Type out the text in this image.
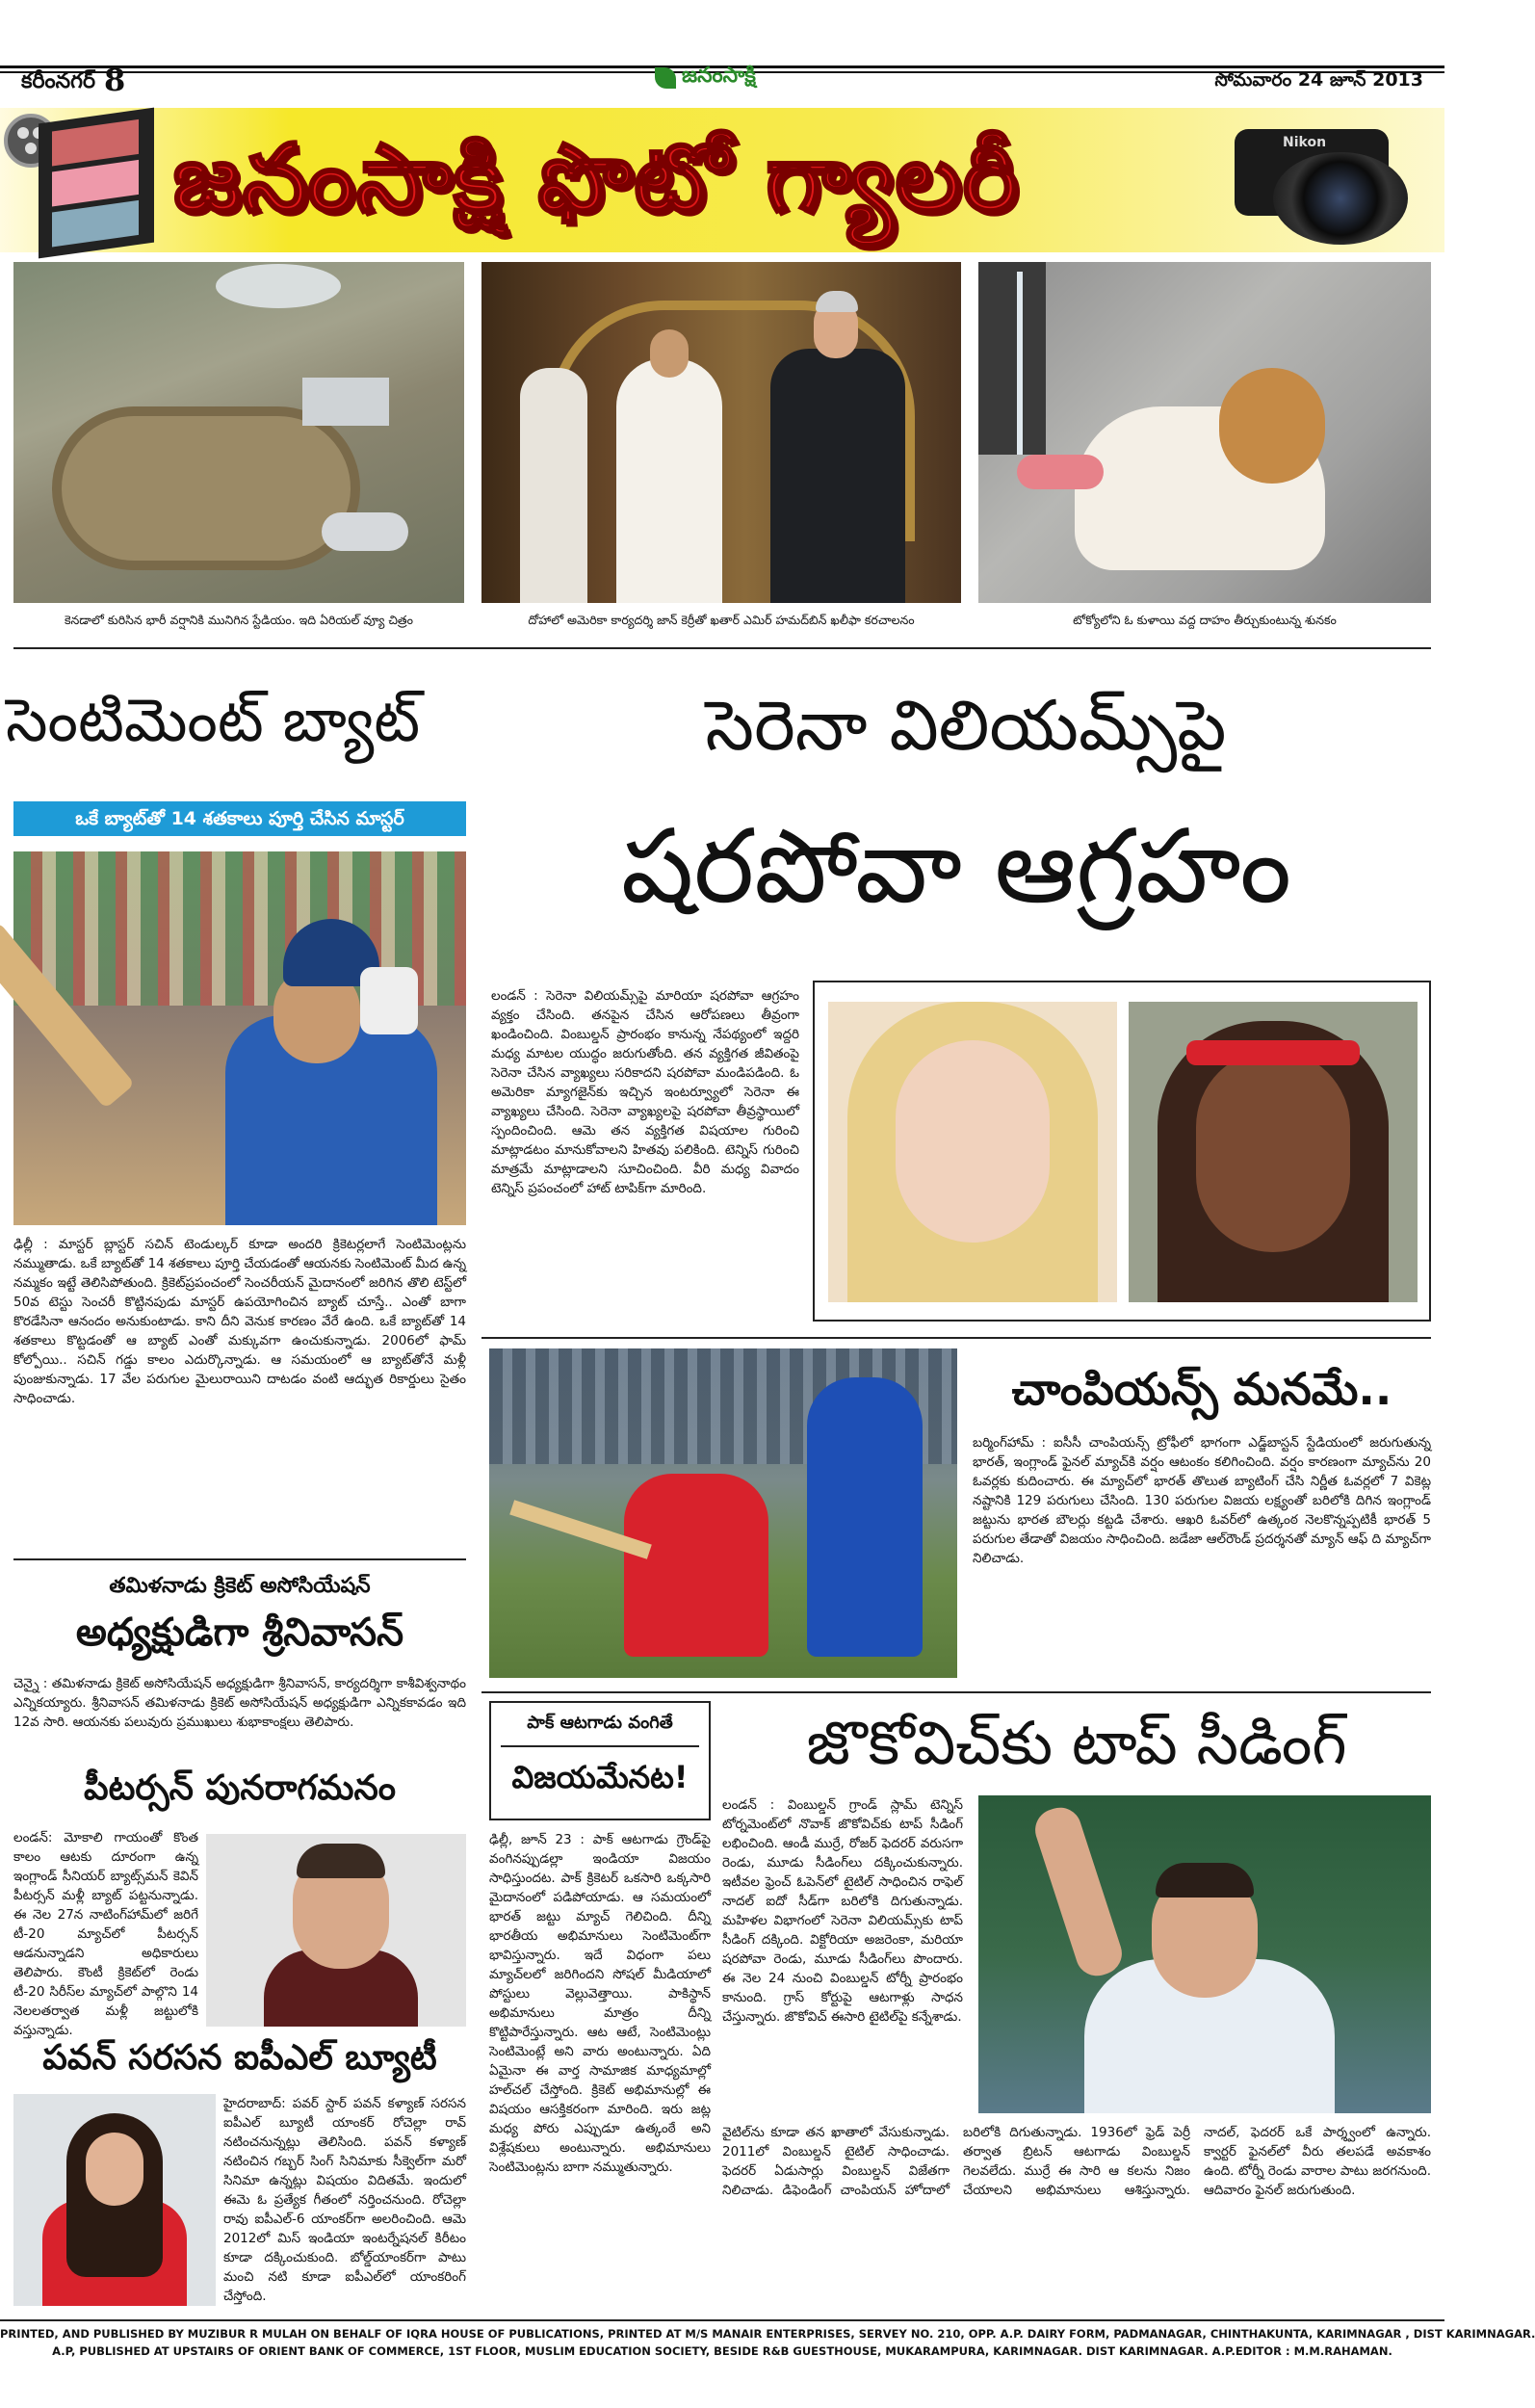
కరీంనగర్ 8	జనంసాక్షి	సోమవారం 24 జూన్ 2013
జనంసాక్షి ఫొటో గ్యాలరీ	Nikon
కెనడాలో కురిసిన భారీ వర్షానికి మునిగిన స్టేడియం. ఇది ఏరియల్ వ్యూ చిత్రం	దోహాలో అమెరికా కార్యదర్శి జాన్ కెర్రీతో ఖతార్ ఎమిర్ హమద్‌బిన్ ఖలీఫా కరచాలనం	టోక్యోలోని ఓ కుళాయి వద్ద దాహం తీర్చుకుంటున్న శునకం
సెంటిమెంట్ బ్యాట్
ఒకే బ్యాట్‌తో 14 శతకాలు పూర్తి చేసిన మాస్టర్
ఢిల్లీ : మాస్టర్ బ్లాస్టర్ సచిన్ టెండుల్కర్ కూడా అందరి క్రికెటర్లలాగే సెంటిమెంట్లను నమ్ముతాడు. ఒకే బ్యాట్‌తో 14 శతకాలు పూర్తి చేయడంతో ఆయనకు సెంటిమెంట్ మీద ఉన్న నమ్మకం ఇట్టే తెలిసిపోతుంది. క్రికెట్‌ప్రపంచంలో సెంచరీయన్ మైదానంలో జరిగిన తొలి టెస్ట్‌లో 50వ టెస్టు సెంచరీ కొట్టినపుడు మాస్టర్ ఉపయోగించిన బ్యాట్ చూస్తే.. ఎంతో బాగా కొరడేసినా ఆనందం అనుకుంటాడు. కాని దీని వెనుక కారణం వేరే ఉంది. ఒకే బ్యాట్‌తో 14 శతకాలు కొట్టడంతో ఆ బ్యాట్ ఎంతో మక్కువగా ఉంచుకున్నాడు. 2006లో ఫామ్ కోల్పోయి.. సచిన్ గడ్డు కాలం ఎదుర్కొన్నాడు. ఆ సమయంలో ఆ బ్యాట్‌తోనే మళ్లీ పుంజుకున్నాడు. 17 వేల పరుగుల మైలురాయిని దాటడం వంటి ఆద్భుత రికార్డులు సైతం సాధించాడు.
తమిళనాడు క్రికెట్ అసోసియేషన్
అధ్యక్షుడిగా శ్రీనివాసన్
చెన్నై : తమిళనాడు క్రికెట్ అసోసియేషన్ అధ్యక్షుడిగా శ్రీనివాసన్, కార్యదర్శిగా కాశీవిశ్వనాథం ఎన్నికయ్యారు. శ్రీనివాసన్ తమిళనాడు క్రికెట్ అసోసియేషన్ అధ్యక్షుడిగా ఎన్నికకావడం ఇది 12వ సారి. ఆయనకు పలువురు ప్రముఖులు శుభాకాంక్షలు తెలిపారు.
పీటర్సన్ పునరాగమనం
లండన్: మోకాలి గాయంతో కొంత కాలం ఆటకు దూరంగా ఉన్న ఇంగ్లాండ్ సీనియర్ బ్యాట్స్‌మన్ కెవిన్ పీటర్సన్ మళ్లీ బ్యాట్ పట్టనున్నాడు. ఈ నెల 27న నాటింగ్‌హామ్‌లో జరిగే టీ-20 మ్యాచ్‌లో పీటర్సన్ ఆడనున్నాడని అధికారులు తెలిపారు. కౌంటీ క్రికెట్‌లో రెండు టీ-20 సిరీస్‌ల మ్యాచ్‌లో పాల్గొని 14 నెలలతర్వాత మళ్లీ జట్టులోకి వస్తున్నాడు.
పవన్ సరసన ఐపీఎల్ బ్యూటీ
హైదరాబాద్: పవర్ స్టార్ పవన్ కళ్యాణ్ సరసన ఐపీఎల్ బ్యూటీ యాంకర్ రోచెల్లా రావ్ నటించనున్నట్లు తెలిసింది. పవన్ కళ్యాణ్ నటించిన గబ్బర్ సింగ్ సినిమాకు సీక్వెల్‌గా మరో సినిమా ఉన్నట్లు విషయం విదితమే. ఇందులో ఈమె ఓ ప్రత్యేక గీతంలో నర్తించనుంది. రోచెల్లా రావు ఐపీఎల్-6 యాంకర్‌గా అలరించింది. ఆమె 2012లో మిస్ ఇండియా ఇంటర్నేషనల్ కిరీటం కూడా దక్కించుకుంది. బోల్డ్‌యాంకర్‌గా పాటు మంచి నటి కూడా ఐపీఎల్‌లో యాంకరింగ్ చేస్తోంది.
సెరెనా విలియమ్స్‌పై
షరపోవా ఆగ్రహం
లండన్ : సెరెనా విలియమ్స్‌పై మారియా షరపోవా ఆగ్రహం వ్యక్తం చేసింది. తనపైన చేసిన ఆరోపణలు తీవ్రంగా ఖండించింది. వింబుల్డన్ ప్రారంభం కానున్న నేపథ్యంలో ఇద్దరి మధ్య మాటల యుద్ధం జరుగుతోంది. తన వ్యక్తిగత జీవితంపై సెరెనా చేసిన వ్యాఖ్యలు సరికాదని షరపోవా మండిపడింది. ఓ అమెరికా మ్యాగజైన్‌కు ఇచ్చిన ఇంటర్వ్యూలో సెరెనా ఈ వ్యాఖ్యలు చేసింది. సెరెనా వ్యాఖ్యలపై షరపోవా తీవ్రస్థాయిలో స్పందించింది. ఆమె తన వ్యక్తిగత విషయాల గురించి మాట్లాడటం మానుకోవాలని హితవు పలికింది. టెన్నిస్ గురించి మాత్రమే మాట్లాడాలని సూచించింది. వీరి మధ్య వివాదం టెన్నిస్ ప్రపంచంలో హాట్ టాపిక్‌గా మారింది.
చాంపియన్స్ మనమే..
బర్మింగ్‌హామ్ : ఐసీసీ చాంపియన్స్ ట్రోఫీలో భాగంగా ఎడ్జ్‌బాస్టన్ స్టేడియంలో జరుగుతున్న భారత్, ఇంగ్లాండ్ ఫైనల్ మ్యాచ్‌కి వర్షం ఆటంకం కలిగించింది. వర్షం కారణంగా మ్యాచ్‌ను 20 ఓవర్లకు కుదించారు. ఈ మ్యాచ్‌లో భారత్ తొలుత బ్యాటింగ్ చేసి నిర్ణీత ఓవర్లలో 7 వికెట్ల నష్టానికి 129 పరుగులు చేసింది. 130 పరుగుల విజయ లక్ష్యంతో బరిలోకి దిగిన ఇంగ్లాండ్ జట్టును భారత బౌలర్లు కట్టడి చేశారు. ఆఖరి ఓవర్‌లో ఉత్కంఠ నెలకొన్నప్పటికీ భారత్ 5 పరుగుల తేడాతో విజయం సాధించింది. జడేజా ఆల్‌రౌండ్ ప్రదర్శనతో మ్యాన్ ఆఫ్ ది మ్యాచ్‌గా నిలిచాడు.
పాక్ ఆటగాడు వంగితే
విజయమేనట!
ఢిల్లీ, జూన్ 23 : పాక్ ఆటగాడు గ్రౌండ్‌పై వంగినప్పుడల్లా ఇండియా విజయం సాధిస్తుందట. పాక్ క్రికెటర్ ఒకసారి ఒక్కసారి మైదానంలో పడిపోయాడు. ఆ సమయంలో భారత్ జట్టు మ్యాచ్ గెలిచింది. దీన్ని భారతీయ అభిమానులు సెంటిమెంట్‌గా భావిస్తున్నారు. ఇదే విధంగా పలు మ్యాచ్‌లలో జరిగిందని సోషల్ మీడియాలో పోస్టులు వెల్లువెత్తాయి. పాకిస్థాన్ అభిమానులు మాత్రం దీన్ని కొట్టిపారేస్తున్నారు. ఆట ఆటే, సెంటిమెంట్లు సెంటిమెంట్లే అని వారు అంటున్నారు. ఏది ఏమైనా ఈ వార్త సామాజిక మాధ్యమాల్లో హల్‌చల్ చేస్తోంది. క్రికెట్ అభిమానుల్లో ఈ విషయం ఆసక్తికరంగా మారింది. ఇరు జట్ల మధ్య పోరు ఎప్పుడూ ఉత్కంఠే అని విశ్లేషకులు అంటున్నారు. అభిమానులు సెంటిమెంట్లను బాగా నమ్ముతున్నారు.
జొకోవిచ్‌కు టాప్ సీడింగ్
లండన్ : వింబుల్డన్ గ్రాండ్ స్లామ్ టెన్నిస్ టోర్నమెంట్‌లో నొవాక్ జొకోవిచ్‌కు టాప్ సీడింగ్ లభించింది. ఆండీ ముర్రే, రోజర్ ఫెదరర్ వరుసగా రెండు, మూడు సీడింగ్‌లు దక్కించుకున్నారు. ఇటీవల ఫ్రెంచ్ ఓపెన్‌లో టైటిల్ సాధించిన రాఫెల్ నాదల్ ఐదో సీడ్‌గా బరిలోకి దిగుతున్నాడు. మహిళల విభాగంలో సెరెనా విలియమ్స్‌కు టాప్ సీడింగ్ దక్కింది. విక్టోరియా అజరెంకా, మరియా షరపోవా రెండు, మూడు సీడింగ్‌లు పొందారు. ఈ నెల 24 నుంచి వింబుల్డన్ టోర్నీ ప్రారంభం కానుంది. గ్రాస్ కోర్టుపై ఆటగాళ్లు సాధన చేస్తున్నారు. జొకోవిచ్ ఈసారి టైటిల్‌పై కన్నేశాడు.
వైటిల్‌ను కూడా తన ఖాతాలో వేసుకున్నాడు. 2011లో వింబుల్డన్ టైటిల్ సాధించాడు. ఫెదరర్ ఏడుసార్లు వింబుల్డన్ విజేతగా నిలిచాడు. డిఫెండింగ్ చాంపియన్ హోదాలో బరిలోకి దిగుతున్నాడు. 1936లో ఫ్రెడ్ పెర్రీ తర్వాత బ్రిటన్ ఆటగాడు వింబుల్డన్ గెలవలేదు. ముర్రే ఈ సారి ఆ కలను నిజం చేయాలని అభిమానులు ఆశిస్తున్నారు. నాదల్, ఫెదరర్ ఒకే పార్శ్వంలో ఉన్నారు. క్వార్టర్ ఫైనల్‌లో వీరు తలపడే అవకాశం ఉంది. టోర్నీ రెండు వారాల పాటు జరగనుంది. ఆదివారం ఫైనల్ జరుగుతుంది.
PRINTED, AND PUBLISHED BY MUZIBUR R MULAH ON BEHALF OF IQRA HOUSE OF PUBLICATIONS, PRINTED AT M/S MANAIR ENTERPRISES, SERVEY NO. 210, OPP. A.P. DAIRY FORM, PADMANAGAR, CHINTHAKUNTA, KARIMNAGAR , DIST KARIMNAGAR.
A.P, PUBLISHED AT UPSTAIRS OF ORIENT BANK OF COMMERCE, 1ST FLOOR, MUSLIM EDUCATION SOCIETY, BESIDE R&B GUESTHOUSE, MUKARAMPURA, KARIMNAGAR. DIST KARIMNAGAR. A.P.EDITOR : M.M.RAHAMAN.
